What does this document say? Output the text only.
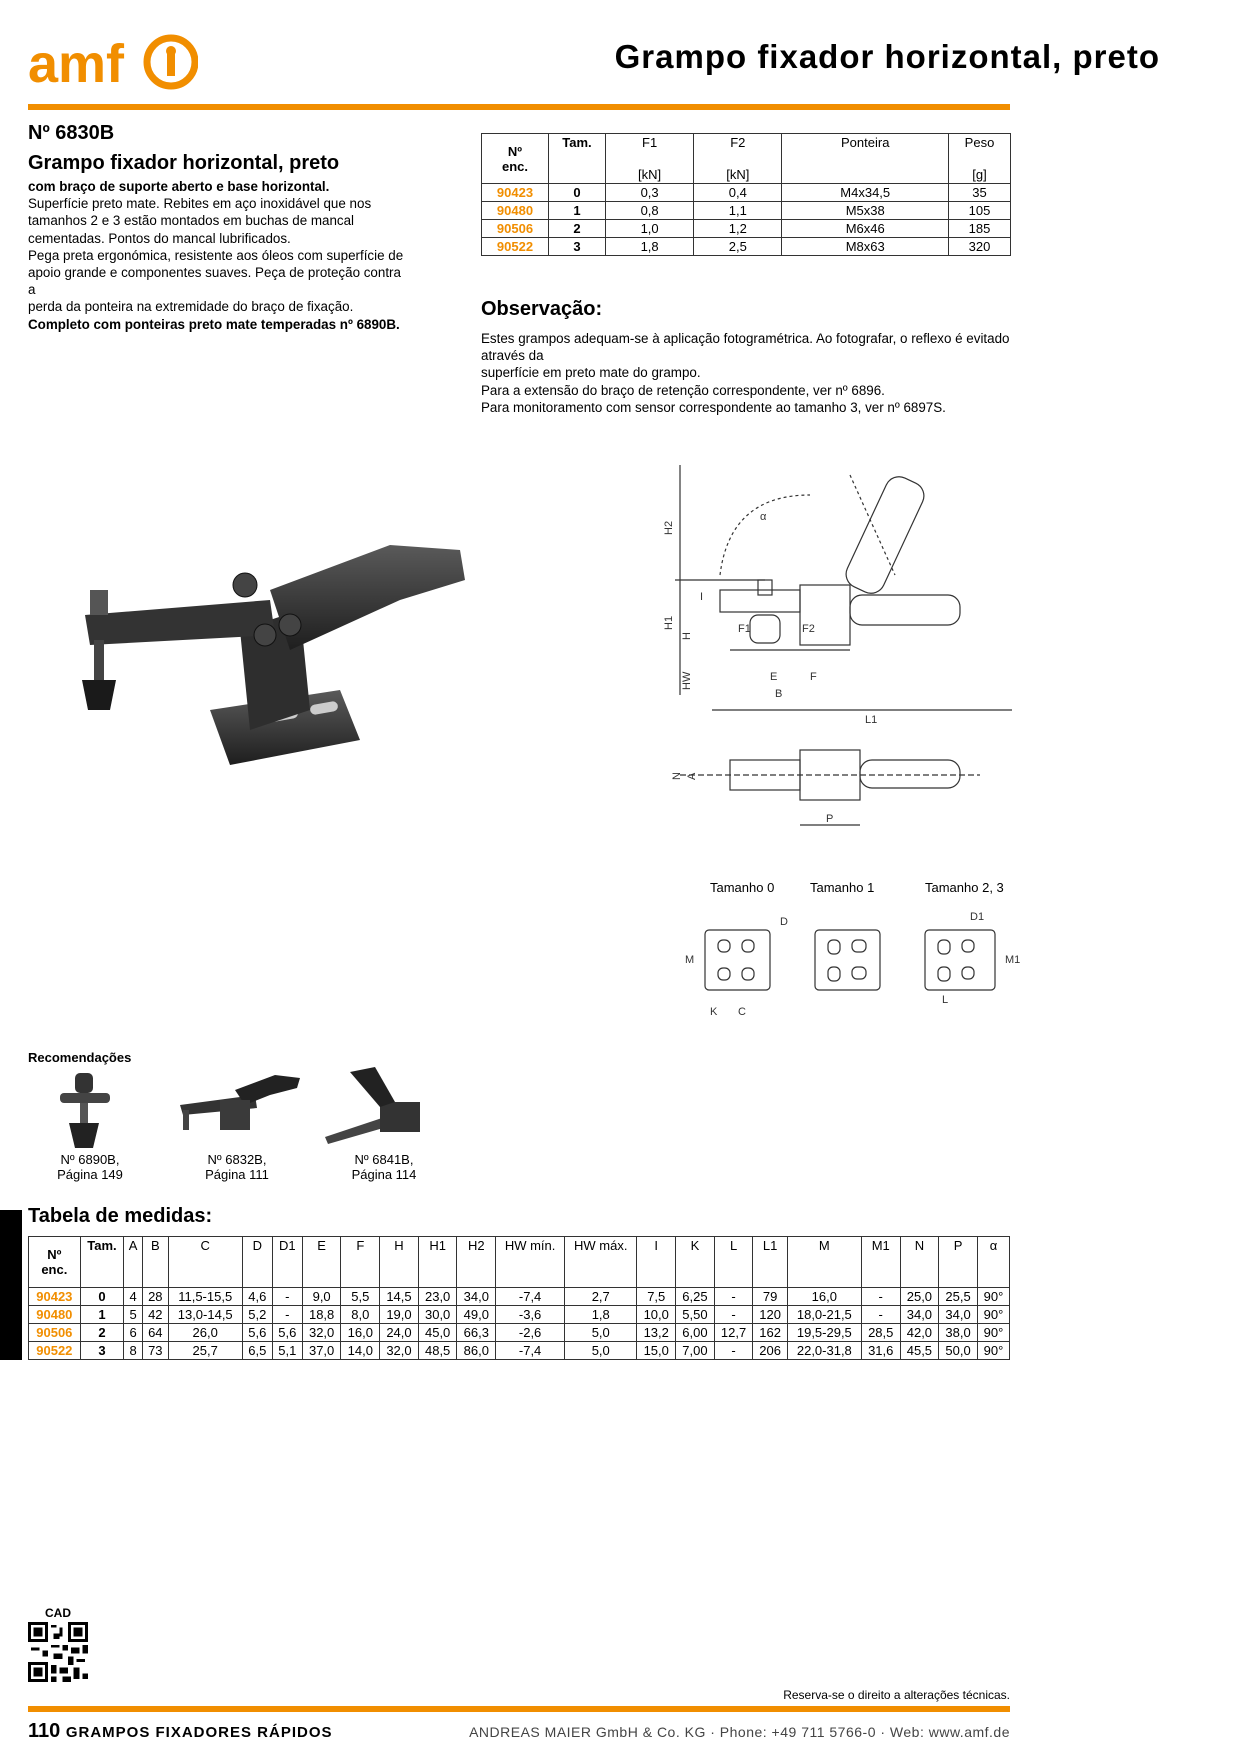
amf	Grampo fixador horizontal, preto
Nº 6830B
Grampo fixador horizontal, preto
com braço de suporte aberto e base horizontal.
Superfície preto mate. Rebites em aço inoxidável que nos
tamanhos 2 e 3 estão montados em buchas de mancal
cementadas. Pontos do mancal lubrificados.
Pega preta ergonómica, resistente aos óleos com superfície de
apoio grande e componentes suaves. Peça de proteção contra a
perda da ponteira na extremidade do braço de fixação.
Completo com ponteiras preto mate temperadas nº 6890B.
Nº
enc.	Tam.	F1	F2	Ponteira	Peso
		[kN]	[kN]		[g]
90423	0	0,3	0,4	M4x34,5	35
90480	1	0,8	1,1	M5x38	105
90506	2	1,0	1,2	M6x46	185
90522	3	1,8	2,5	M8x63	320
Observação:
Estes grampos adequam-se à aplicação fotogramétrica. Ao fotografar, o reflexo é evitado através da
superfície em preto mate do grampo.
Para a extensão do braço de retenção correspondente, ver nº 6896.
Para monitoramento com sensor correspondente ao tamanho 3, ver nº 6897S.
H2
α
H1
H
I
F1	F2
HW	E	F
B
L1
N A
P
Tamanho 0	Tamanho 1	Tamanho 2, 3
D
M
K C
D1
L
M1
Recomendações
Nº 6890B,
Página 149
Nº 6832B,
Página 111
Nº 6841B,
Página 114
Tabela de medidas:
Nº
enc.	Tam.	A	B	C	D	D1	E	F	H	H1	H2	HW mín.	HW máx.	I	K	L	L1	M	M1	N	P	α
90423	0	4	28	11,5-15,5	4,6	-	9,0	5,5	14,5	23,0	34,0	-7,4	2,7	7,5	6,25	-	79	16,0	-	25,0	25,5	90°
90480	1	5	42	13,0-14,5	5,2	-	18,8	8,0	19,0	30,0	49,0	-3,6	1,8	10,0	5,50	-	120	18,0-21,5	-	34,0	34,0	90°
90506	2	6	64	26,0	5,6	5,6	32,0	16,0	24,0	45,0	66,3	-2,6	5,0	13,2	6,00	12,7	162	19,5-29,5	28,5	42,0	38,0	90°
90522	3	8	73	25,7	6,5	5,1	37,0	14,0	32,0	48,5	86,0	-7,4	5,0	15,0	7,00	-	206	22,0-31,8	31,6	45,5	50,0	90°
CAD
Reserva-se o direito a alterações técnicas.
110 GRAMPOS FIXADORES RÁPIDOS	ANDREAS MAIER GmbH & Co. KG · Phone: +49 711 5766-0 · Web: www.amf.de
